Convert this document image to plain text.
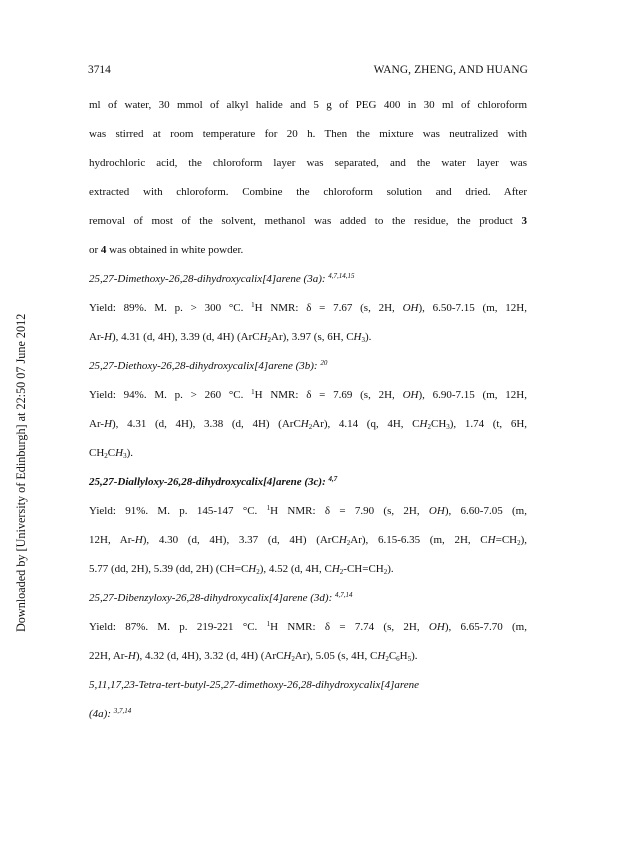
Downloaded by [University of Edinburgh] at 22:50 07 June 2012
3714	WANG, ZHENG, AND HUANG
ml of water, 30 mmol of alkyl halide and 5 g of PEG 400 in 30 ml of chloroform
was stirred at room temperature for 20 h. Then the mixture was neutralized with
hydrochloric acid, the chloroform layer was separated, and the water layer was
extracted with chloroform. Combine the chloroform solution and dried. After
removal of most of the solvent, methanol was added to the residue, the product 3
or 4 was obtained in white powder.
25,27-Dimethoxy-26,28-dihydroxycalix[4]arene (3a): $^{4,7,14,15}$
Yield: 89%. M. p. > 300 °C. $^1$H NMR: δ = 7.67 (s, 2H, OH), 6.50-7.15 (m, 12H,
Ar-H), 4.31 (d, 4H), 3.39 (d, 4H) (ArCH$_2$Ar), 3.97 (s, 6H, $CH_3$).
25,27-Diethoxy-26,28-dihydroxycalix[4]arene (3b): $^{20}$
Yield: 94%. M. p. > 260 °C. $^1$H NMR: δ = 7.69 (s, 2H, OH), 6.90-7.15 (m, 12H,
Ar-H), 4.31 (d, 4H), 3.38 (d, 4H) (ArCH$_2$Ar), 4.14 (q, 4H, $CH_2CH_3$), 1.74 (t, 6H,
$CH_2CH_3$).
25,27-Diallyloxy-26,28-dihydroxycalix[4]arene (3c): $^{4,7}$
Yield: 91%. M. p. 145-147 °C. $^1$H NMR: δ = 7.90 (s, 2H, OH), 6.60-7.05 (m,
12H, Ar-H), 4.30 (d, 4H), 3.37 (d, 4H) (ArCH$_2$Ar), 6.15-6.35 (m, 2H, $CH=CH_2$),
5.77 (dd, 2H), 5.39 (dd, 2H) $(CH=CH_2)$, 4.52 (d, 4H, $CH_2-CH=CH_2$).
25,27-Dibenzyloxy-26,28-dihydroxycalix[4]arene (3d): $^{4,7,14}$
Yield: 87%. M. p. 219-221 °C. $^1$H NMR: δ = 7.74 (s, 2H, OH), 6.65-7.70 (m,
22H, Ar-H), 4.32 (d, 4H), 3.32 (d, 4H) (ArCH$_2$Ar), 5.05 (s, 4H, $CH_2C_6H_5$).
5,11,17,23-Tetra-tert-butyl-25,27-dimethoxy-26,28-dihydroxycalix[4]arene
(4a): $^{3,7,14}$
